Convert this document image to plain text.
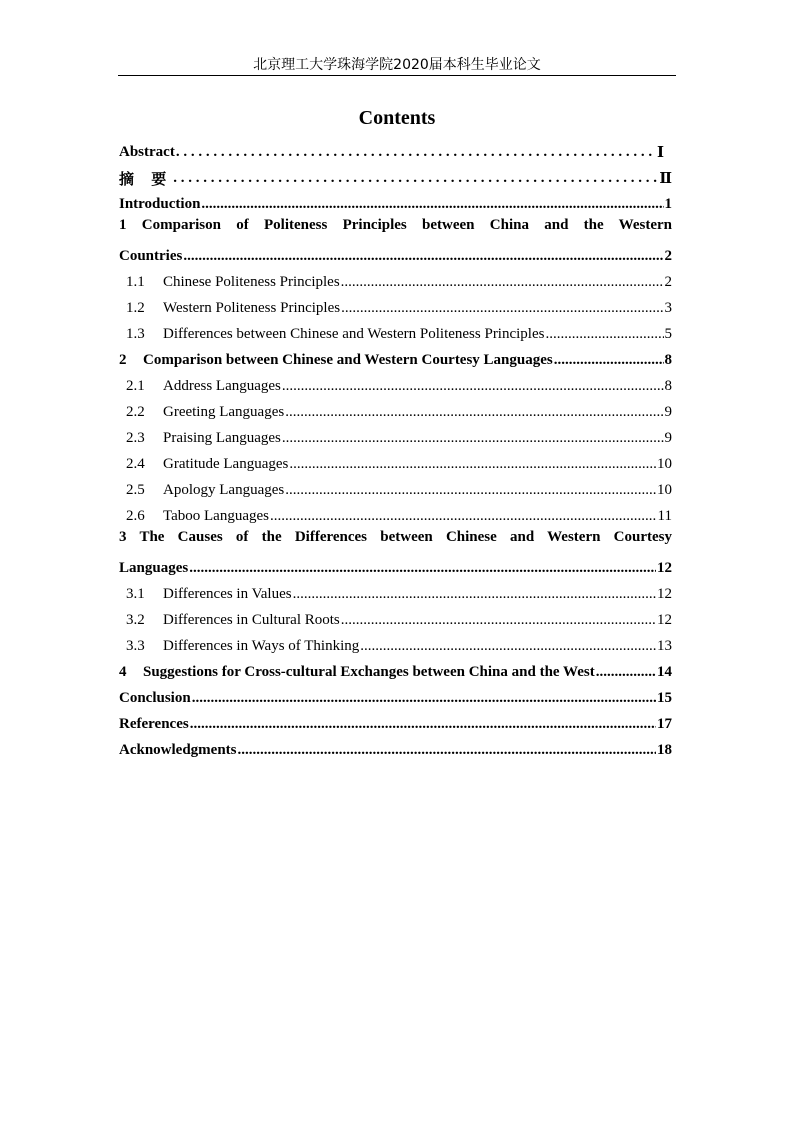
北京理工大学珠海学院2020届本科生毕业论文
Contents
Abstract . . .	Ⅰ
摘 要 . . .	Ⅱ
Introduction .....	1
1 Comparison of Politeness Principles between China and the Western
Countries .....	2
1.1 Chinese Politeness Principles .....	2
1.2 Western Politeness Principles .....	3
1.3 Differences between Chinese and Western Politeness Principles .....	5
2 Comparison between Chinese and Western Courtesy Languages .....	8
2.1 Address Languages .....	8
2.2 Greeting Languages .....	9
2.3 Praising Languages .....	9
2.4 Gratitude Languages .....	10
2.5 Apology Languages .....	10
2.6 Taboo Languages .....	11
3 The Causes of the Differences between Chinese and Western Courtesy
Languages .....	12
3.1 Differences in Values .....	12
3.2 Differences in Cultural Roots .....	12
3.3 Differences in Ways of Thinking .....	13
4 Suggestions for Cross-cultural Exchanges between China and the West .....	14
Conclusion .....	15
References .....	17
Acknowledgments .....	18
